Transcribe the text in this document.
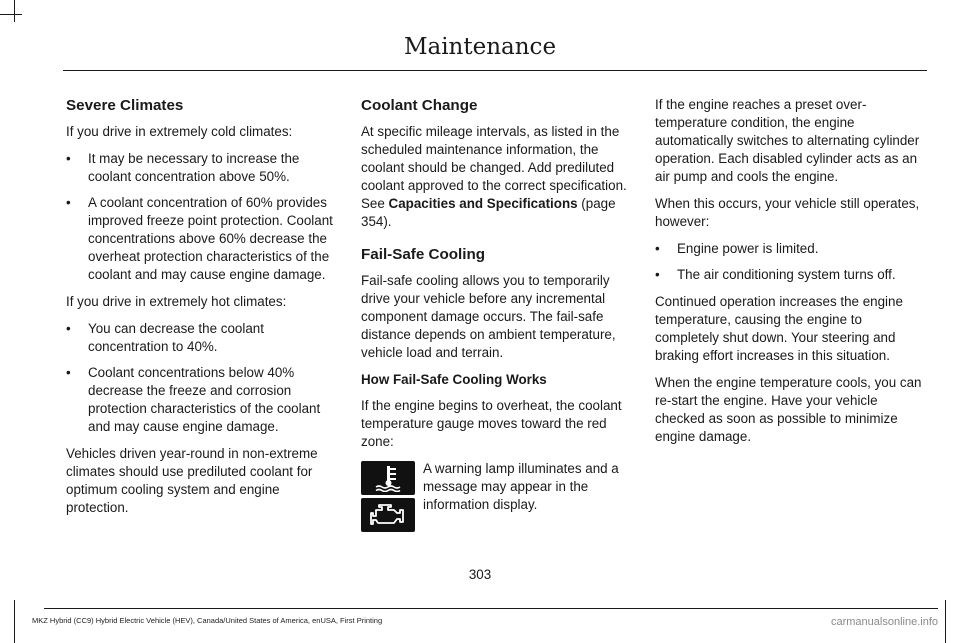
Maintenance
Severe Climates

If you drive in extremely cold climates:

• It may be necessary to increase the coolant concentration above 50%.
• A coolant concentration of 60% provides improved freeze point protection. Coolant concentrations above 60% decrease the overheat protection characteristics of the coolant and may cause engine damage.

If you drive in extremely hot climates:

• You can decrease the coolant concentration to 40%.
• Coolant concentrations below 40% decrease the freeze and corrosion protection characteristics of the coolant and may cause engine damage.

Vehicles driven year-round in non-extreme climates should use prediluted coolant for optimum cooling system and engine protection.

Coolant Change

At specific mileage intervals, as listed in the scheduled maintenance information, the coolant should be changed. Add prediluted coolant approved to the correct specification. See Capacities and Specifications (page 354).

Fail-Safe Cooling

Fail-safe cooling allows you to temporarily drive your vehicle before any incremental component damage occurs. The fail-safe distance depends on ambient temperature, vehicle load and terrain.

How Fail-Safe Cooling Works

If the engine begins to overheat, the coolant temperature gauge moves toward the red zone:

A warning lamp illuminates and a message may appear in the information display.

If the engine reaches a preset over-temperature condition, the engine automatically switches to alternating cylinder operation. Each disabled cylinder acts as an air pump and cools the engine.

When this occurs, your vehicle still operates, however:

• Engine power is limited.
• The air conditioning system turns off.

Continued operation increases the engine temperature, causing the engine to completely shut down. Your steering and braking effort increases in this situation.

When the engine temperature cools, you can re-start the engine. Have your vehicle checked as soon as possible to minimize engine damage.

303
MKZ Hybrid (CC9) Hybrid Electric Vehicle (HEV), Canada/United States of America, enUSA, First Printing	carmanualsonline.info
